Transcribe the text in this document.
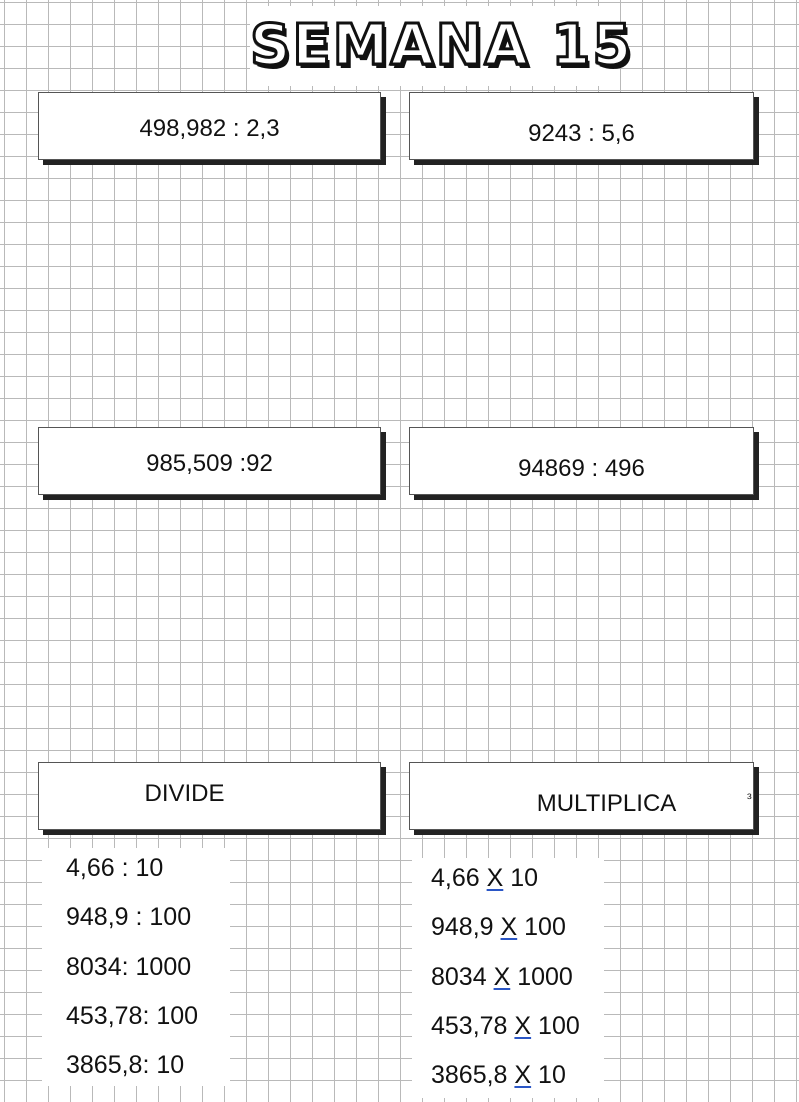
SEMANA 15
498,982 : 2,3	9243 : 5,6
985,509 :92	94869 : 496
DIVIDE	MULTIPLICA	³
4,66 : 10
948,9 : 100
8034: 1000
453,78: 100
3865,8: 10
4,66 X 10
948,9 X 100
8034 X 1000
453,78 X 100
3865,8 X 10
